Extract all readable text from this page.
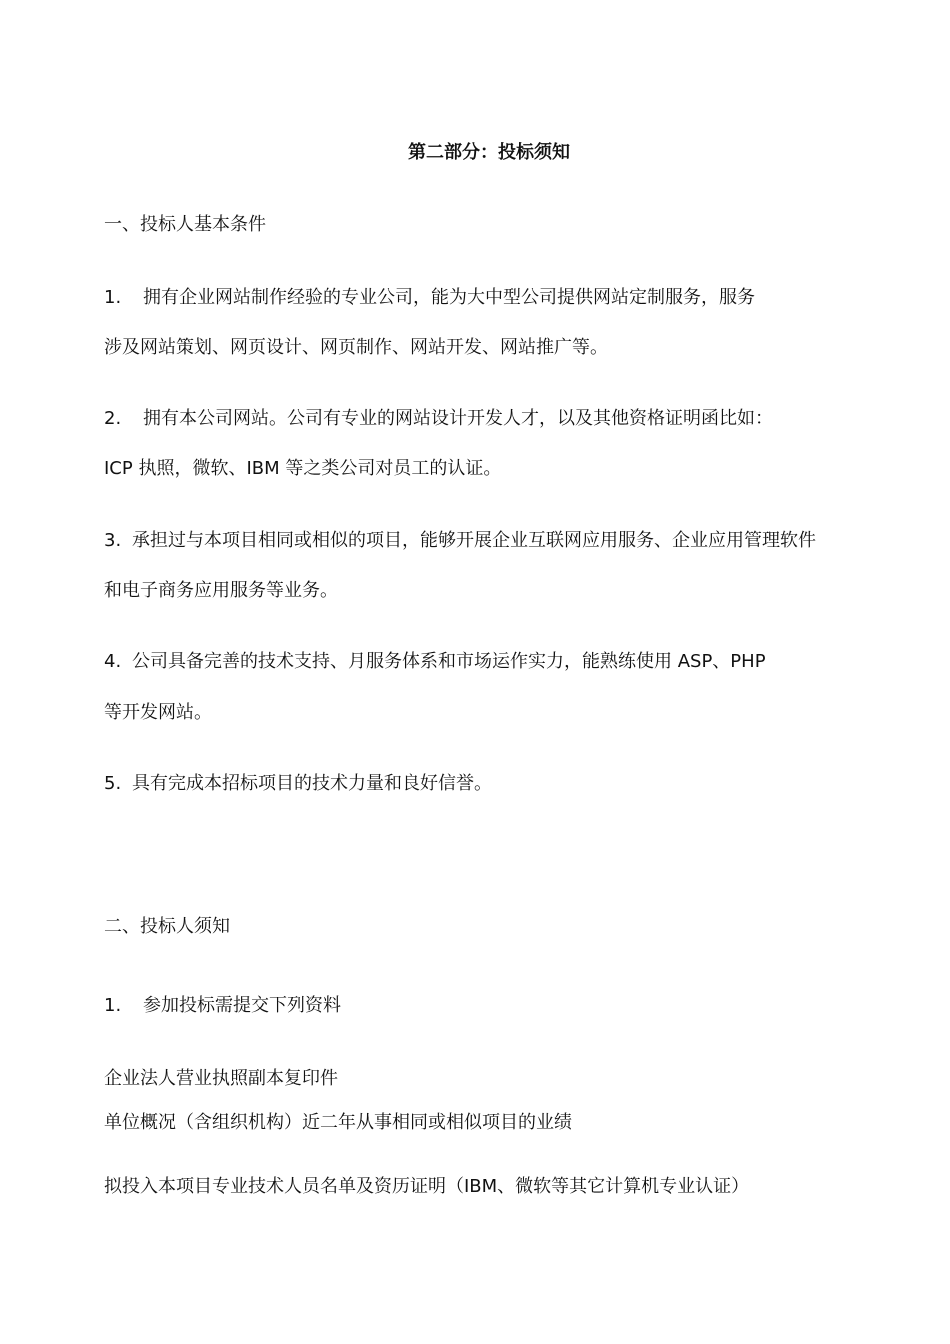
第二部分：投标须知
一、投标人基本条件
1. 拥有企业网站制作经验的专业公司，能为大中型公司提供网站定制服务，服务
涉及网站策划、网页设计、网页制作、网站开发、网站推广等。
2. 拥有本公司网站。公司有专业的网站设计开发人才，以及其他资格证明函比如：
ICP 执照，微软、IBM 等之类公司对员工的认证。
3. 承担过与本项目相同或相似的项目，能够开展企业互联网应用服务、企业应用管理软件
和电子商务应用服务等业务。
4. 公司具备完善的技术支持、月服务体系和市场运作实力，能熟练使用 ASP、PHP
等开发网站。
5. 具有完成本招标项目的技术力量和良好信誉。
二、投标人须知
1. 参加投标需提交下列资料
企业法人营业执照副本复印件
单位概况（含组织机构）近二年从事相同或相似项目的业绩
拟投入本项目专业技术人员名单及资历证明（IBM、微软等其它计算机专业认证）
